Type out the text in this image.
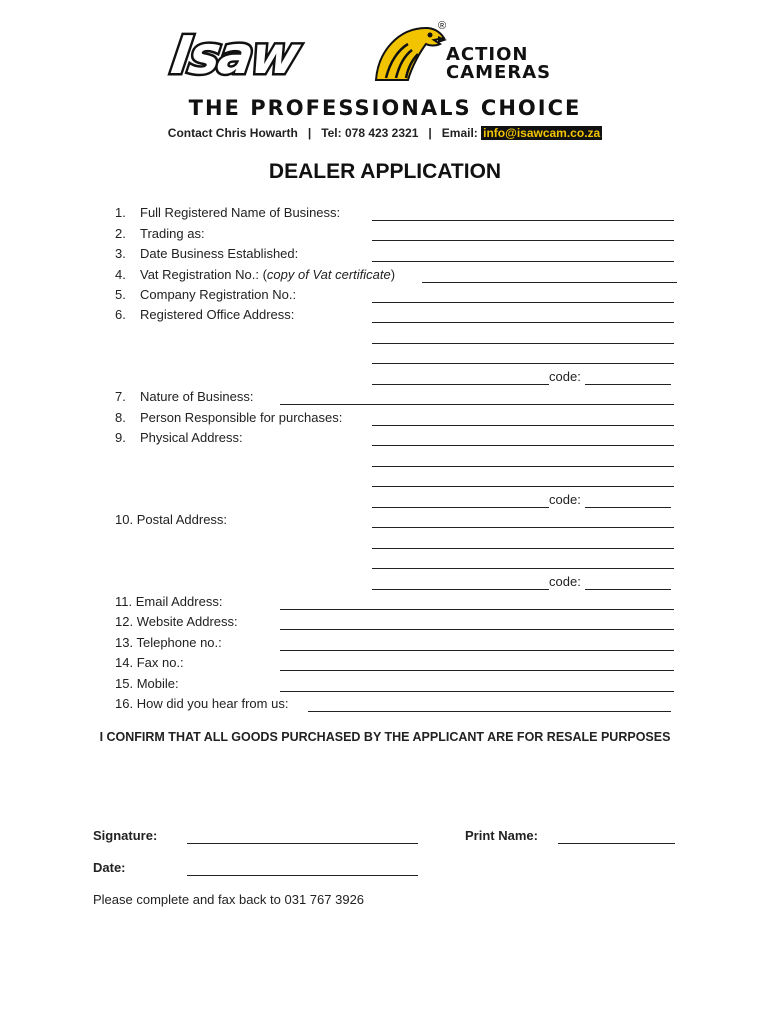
Isaw	®
ACTION
CAMERAS
THE PROFESSIONALS CHOICE
Contact Chris Howarth | Tel: 078 423 2321 | Email: info@isawcam.co.za
DEALER APPLICATION
1. Full Registered Name of Business:
2. Trading as:
3. Date Business Established:
4. Vat Registration No.: (copy of Vat certificate)
5. Company Registration No.:
6. Registered Office Address:
code:
7. Nature of Business:
8. Person Responsible for purchases:
9. Physical Address:
code:
10. Postal Address:
code:
11. Email Address:
12. Website Address:
13. Telephone no.:
14. Fax no.:
15. Mobile:
16. How did you hear from us:
I CONFIRM THAT ALL GOODS PURCHASED BY THE APPLICANT ARE FOR RESALE PURPOSES
Signature:	Print Name:
Date:
Please complete and fax back to 031 767 3926
